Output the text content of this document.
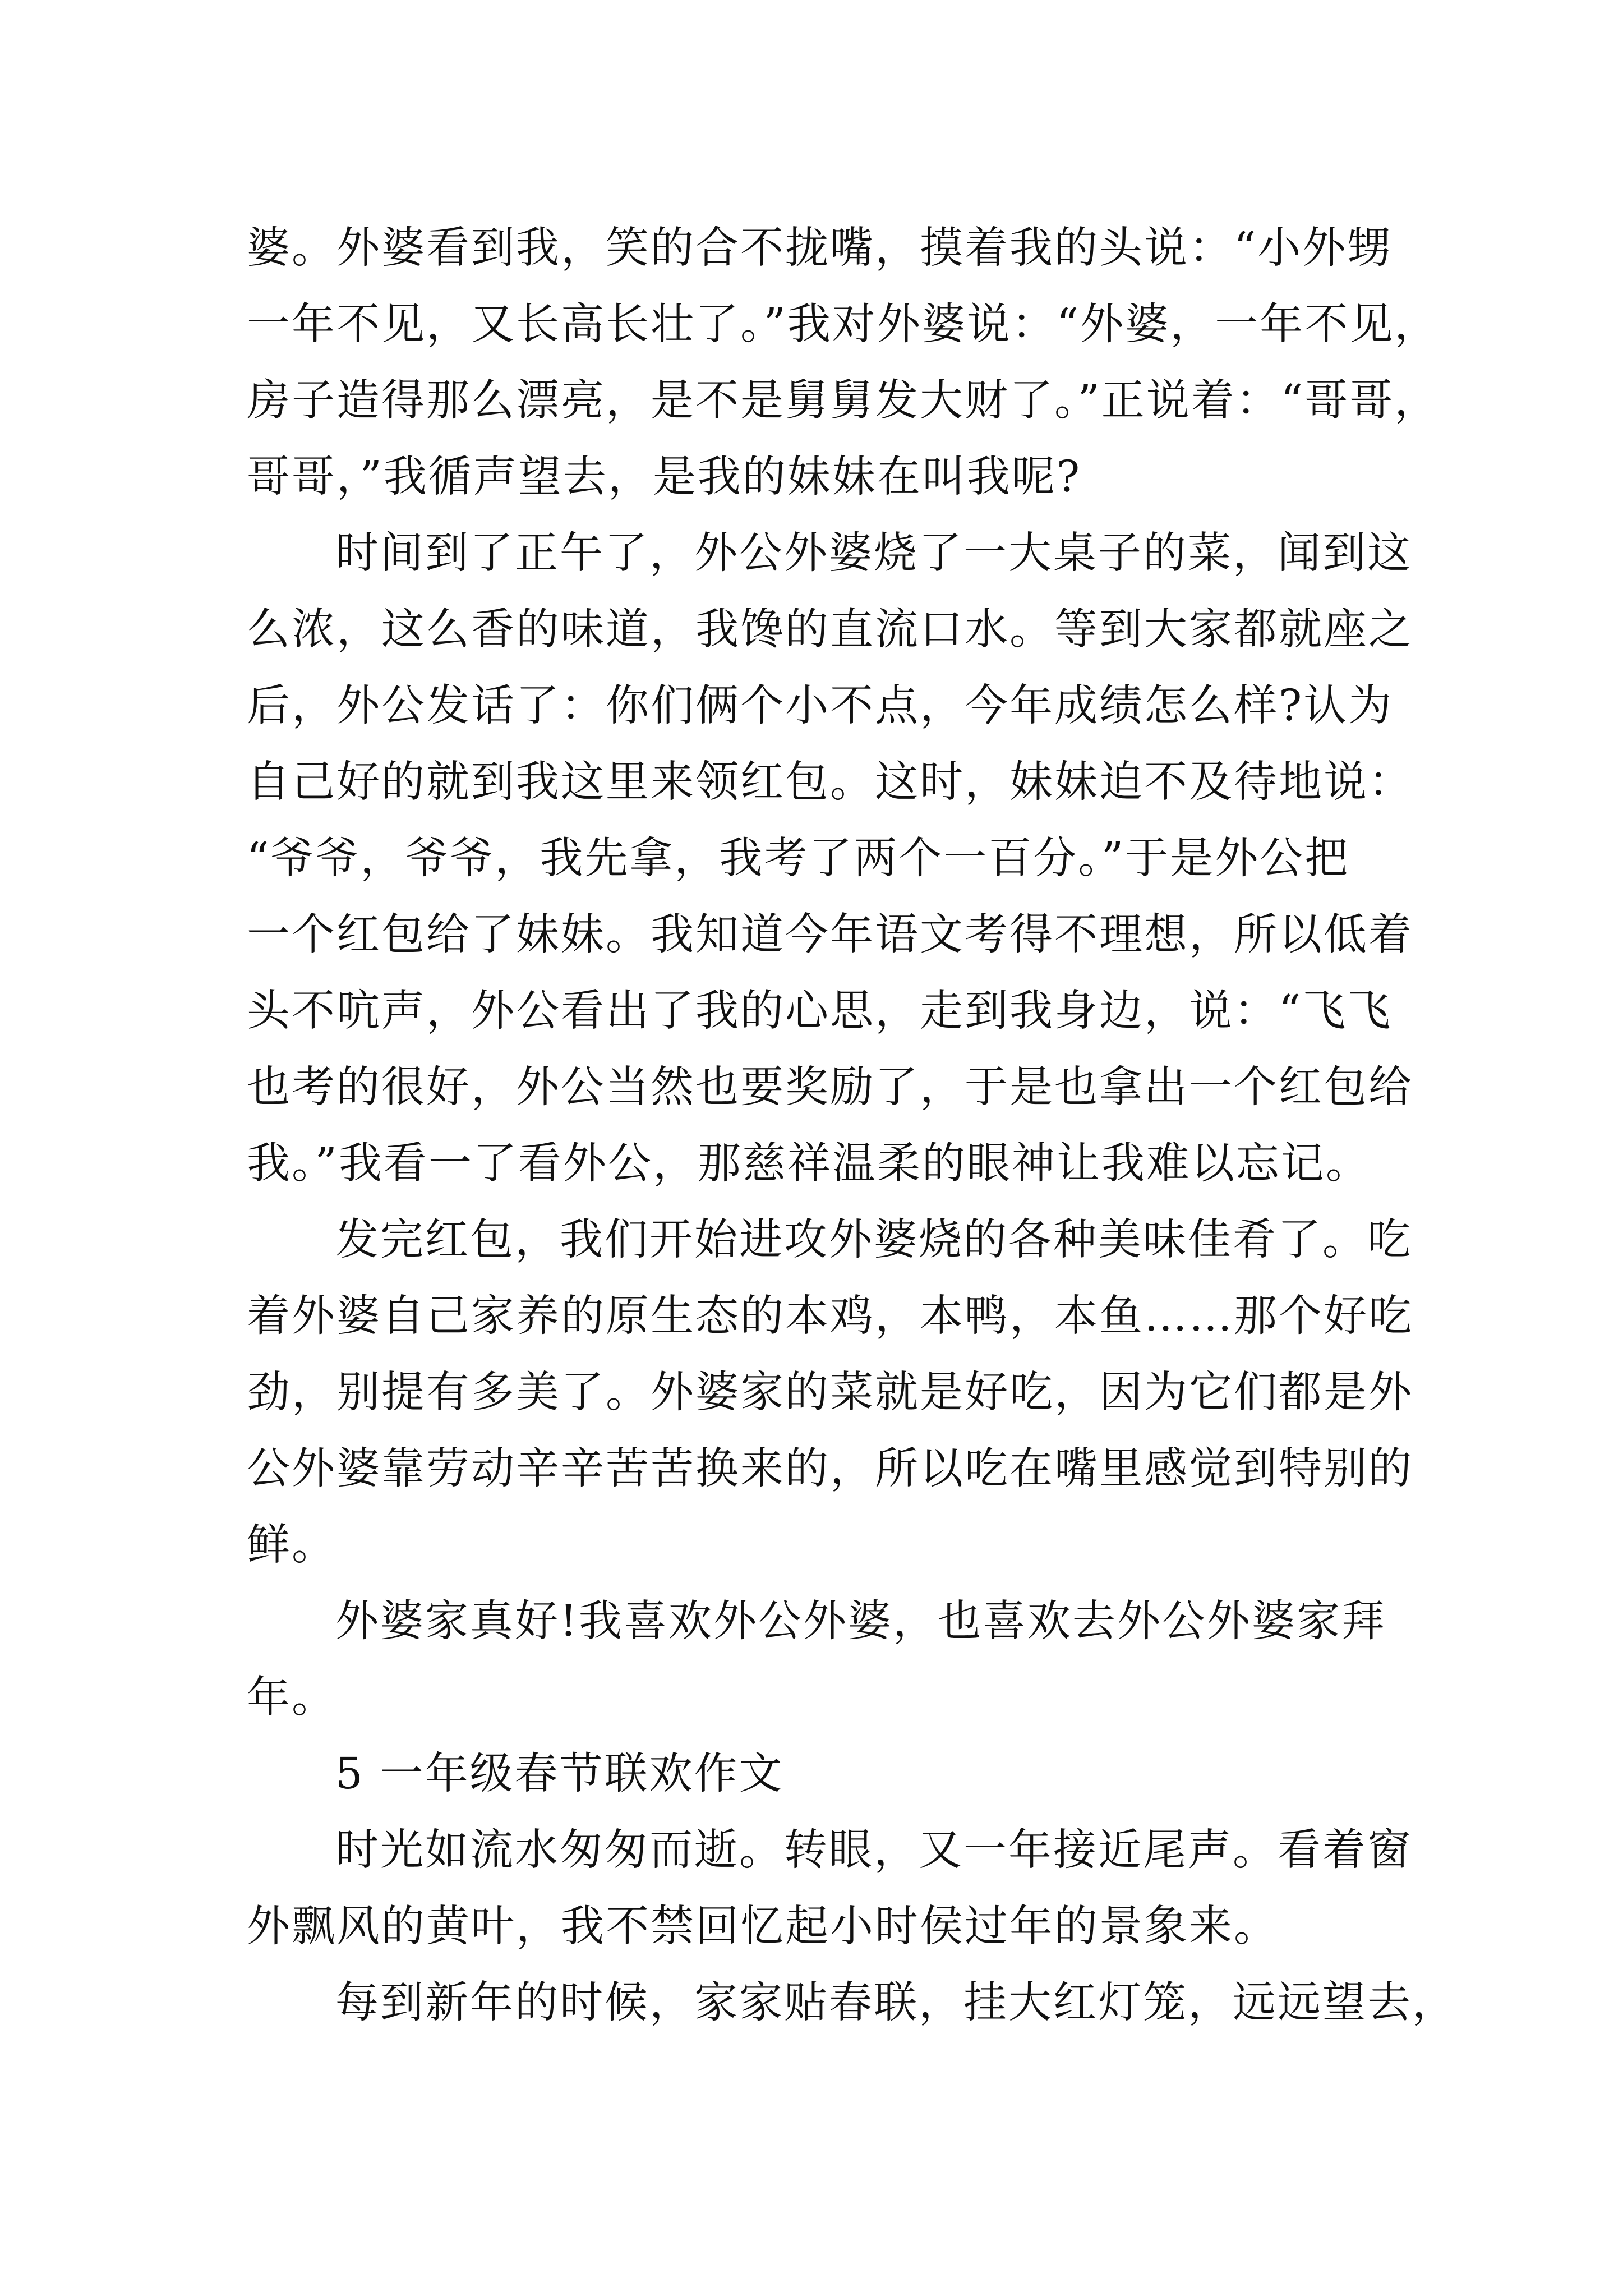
婆。外婆看到我，笑的合不拢嘴，摸着我的头说：“小外甥
一年不见，又长高长壮了。”我对外婆说：“外婆，一年不见，
房子造得那么漂亮，是不是舅舅发大财了。”正说着：“哥哥，
哥哥，”我循声望去，是我的妹妹在叫我呢?
时间到了正午了，外公外婆烧了一大桌子的菜，闻到这
么浓，这么香的味道，我馋的直流口水。等到大家都就座之
后，外公发话了：你们俩个小不点，今年成绩怎么样?认为
自己好的就到我这里来领红包。这时，妹妹迫不及待地说：
“爷爷，爷爷，我先拿，我考了两个一百分。”于是外公把
一个红包给了妹妹。我知道今年语文考得不理想，所以低着
头不吭声，外公看出了我的心思，走到我身边，说：“飞飞
也考的很好，外公当然也要奖励了，于是也拿出一个红包给
我。”我看一了看外公，那慈祥温柔的眼神让我难以忘记。
发完红包，我们开始进攻外婆烧的各种美味佳肴了。吃
着外婆自己家养的原生态的本鸡，本鸭，本鱼……那个好吃
劲，别提有多美了。外婆家的菜就是好吃，因为它们都是外
公外婆靠劳动辛辛苦苦换来的，所以吃在嘴里感觉到特别的
鲜。
外婆家真好!我喜欢外公外婆，也喜欢去外公外婆家拜
年。
5 一年级春节联欢作文
时光如流水匆匆而逝。转眼，又一年接近尾声。看着窗
外飘风的黄叶，我不禁回忆起小时侯过年的景象来。
每到新年的时候，家家贴春联，挂大红灯笼，远远望去，
